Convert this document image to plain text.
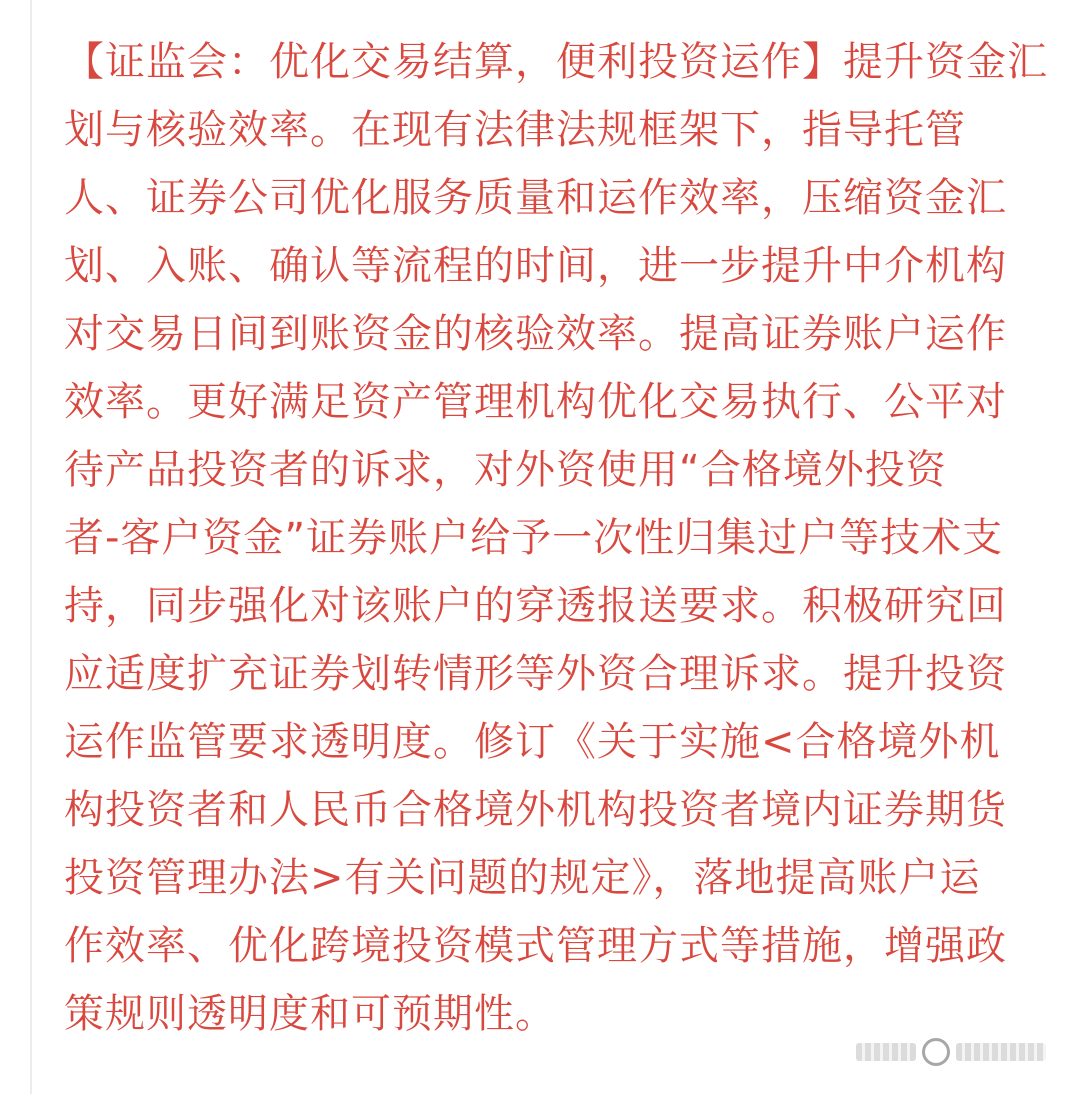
【证监会：优化交易结算，便利投资运作】提升资金汇
划与核验效率。在现有法律法规框架下，指导托管
人、证券公司优化服务质量和运作效率，压缩资金汇
划、入账、确认等流程的时间，进一步提升中介机构
对交易日间到账资金的核验效率。提高证券账户运作
效率。更好满足资产管理机构优化交易执行、公平对
待产品投资者的诉求，对外资使用“合格境外投资
者-客户资金”证券账户给予一次性归集过户等技术支
持，同步强化对该账户的穿透报送要求。积极研究回
应适度扩充证券划转情形等外资合理诉求。提升投资
运作监管要求透明度。修订《关于实施<合格境外机
构投资者和人民币合格境外机构投资者境内证券期货
投资管理办法>有关问题的规定》，落地提高账户运
作效率、优化跨境投资模式管理方式等措施，增强政
策规则透明度和可预期性。
